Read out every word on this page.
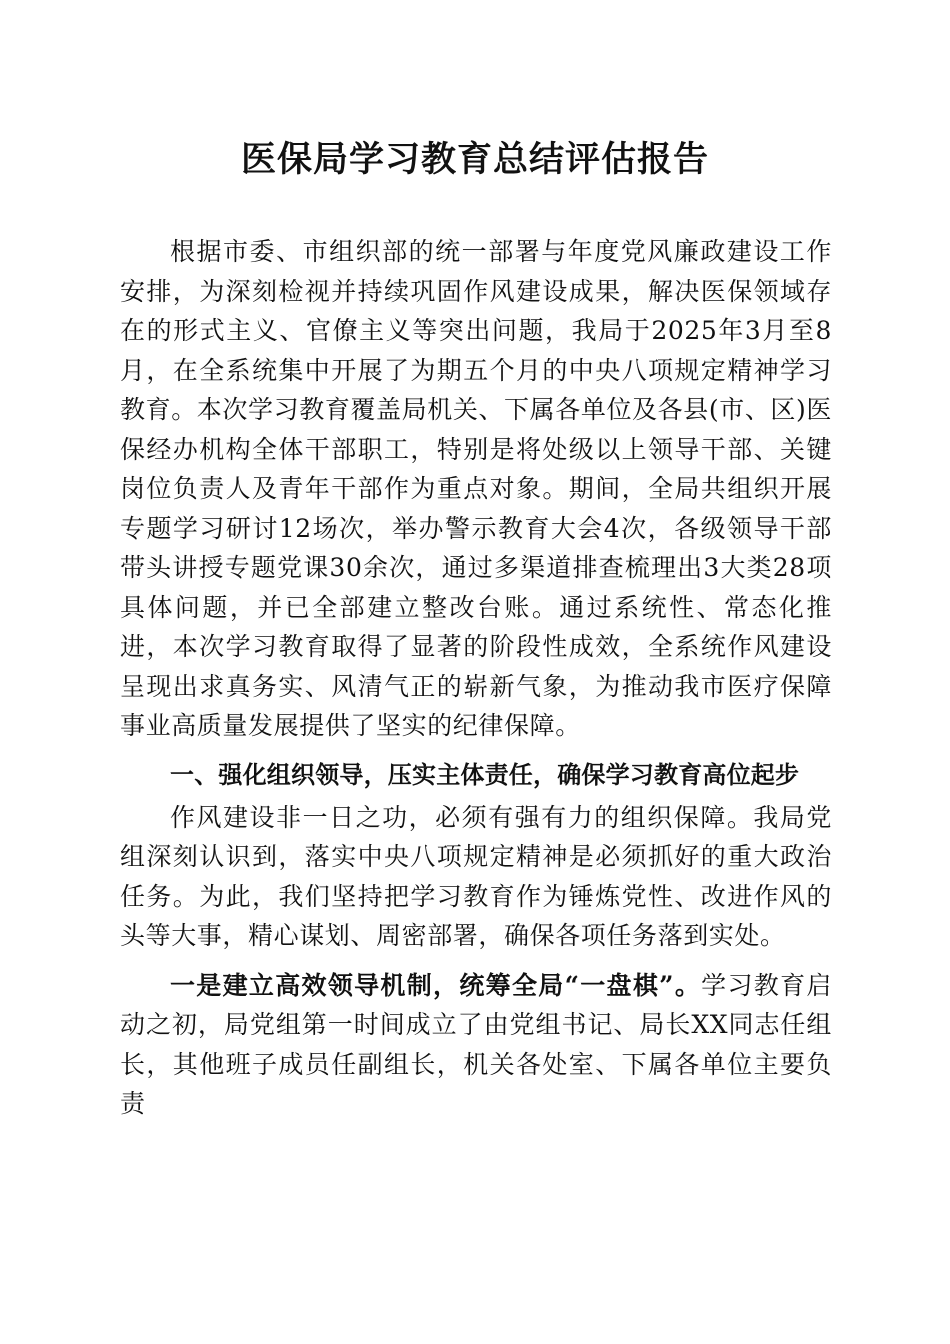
医保局学习教育总结评估报告

根据市委、市组织部的统一部署与年度党风廉政建设工作安排，为深刻检视并持续巩固作风建设成果，解决医保领域存在的形式主义、官僚主义等突出问题，我局于2025年3月至8月，在全系统集中开展了为期五个月的中央八项规定精神学习教育。本次学习教育覆盖局机关、下属各单位及各县(市、区)医保经办机构全体干部职工，特别是将处级以上领导干部、关键岗位负责人及青年干部作为重点对象。期间，全局共组织开展专题学习研讨12场次，举办警示教育大会4次，各级领导干部带头讲授专题党课30余次，通过多渠道排查梳理出3大类28项具体问题，并已全部建立整改台账。通过系统性、常态化推进，本次学习教育取得了显著的阶段性成效，全系统作风建设呈现出求真务实、风清气正的崭新气象，为推动我市医疗保障事业高质量发展提供了坚实的纪律保障。

一、强化组织领导，压实主体责任，确保学习教育高位起步

作风建设非一日之功，必须有强有力的组织保障。我局党组深刻认识到，落实中央八项规定精神是必须抓好的重大政治任务。为此，我们坚持把学习教育作为锤炼党性、改进作风的头等大事，精心谋划、周密部署，确保各项任务落到实处。

一是建立高效领导机制，统筹全局“一盘棋”。学习教育启动之初，局党组第一时间成立了由党组书记、局长XX同志任组长，其他班子成员任副组长，机关各处室、下属各单位主要负责
